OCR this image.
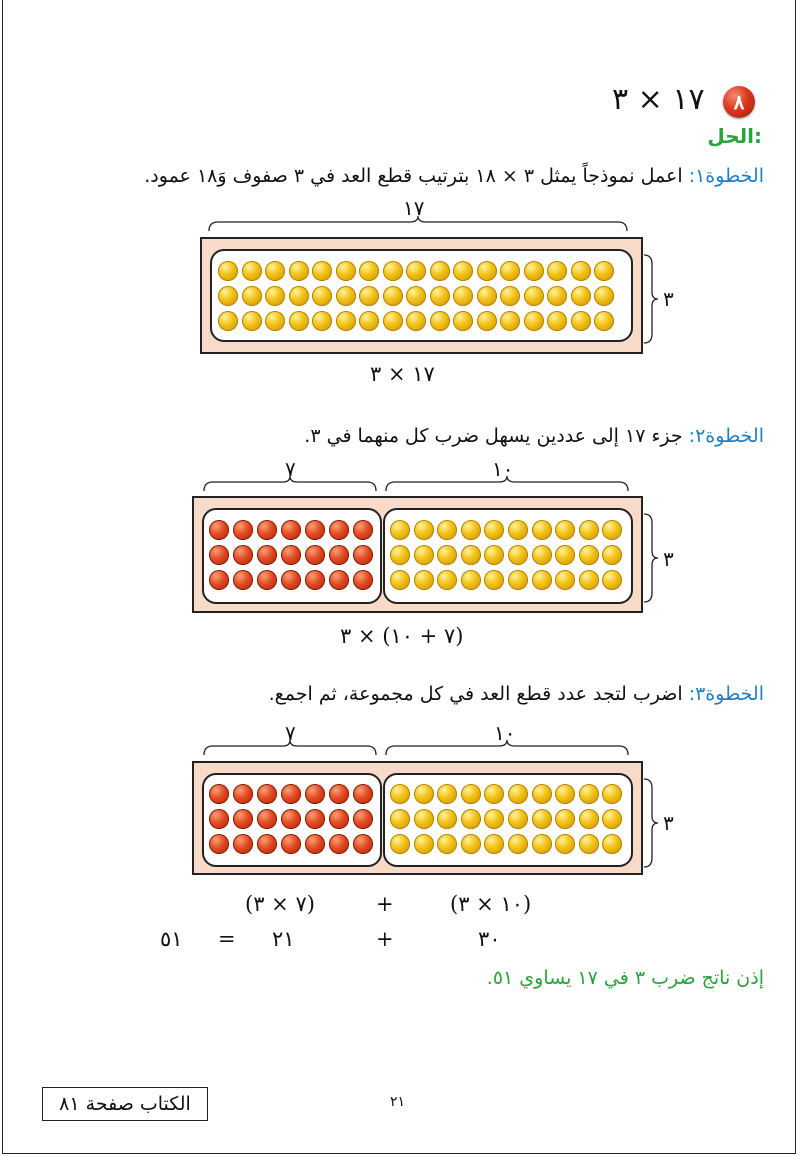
٨
١٧ × ٣
الحل:
الخطوة١: اعمل نموذجاً يمثل ٣ × ١٨ بترتيب قطع العد في ٣ صفوف وَ١٨ عمود.
١٧
٣
١٧ × ٣
الخطوة٢: جزء ١٧ إلى عددين يسهل ضرب كل منهما في ٣.
٧	١٠
٣
(٧ + ١٠) × ٣
الخطوة٣: اضرب لتجد عدد قطع العد في كل مجموعة، ثم اجمع.
٧	١٠
٣
(٧ × ٣)	+	(١٠ × ٣)
٥١ = ٢١	+	٣٠
إذن ناتج ضرب ٣ في ١٧ يساوي ٥١.
الكتاب صفحة ٨١	٢١
